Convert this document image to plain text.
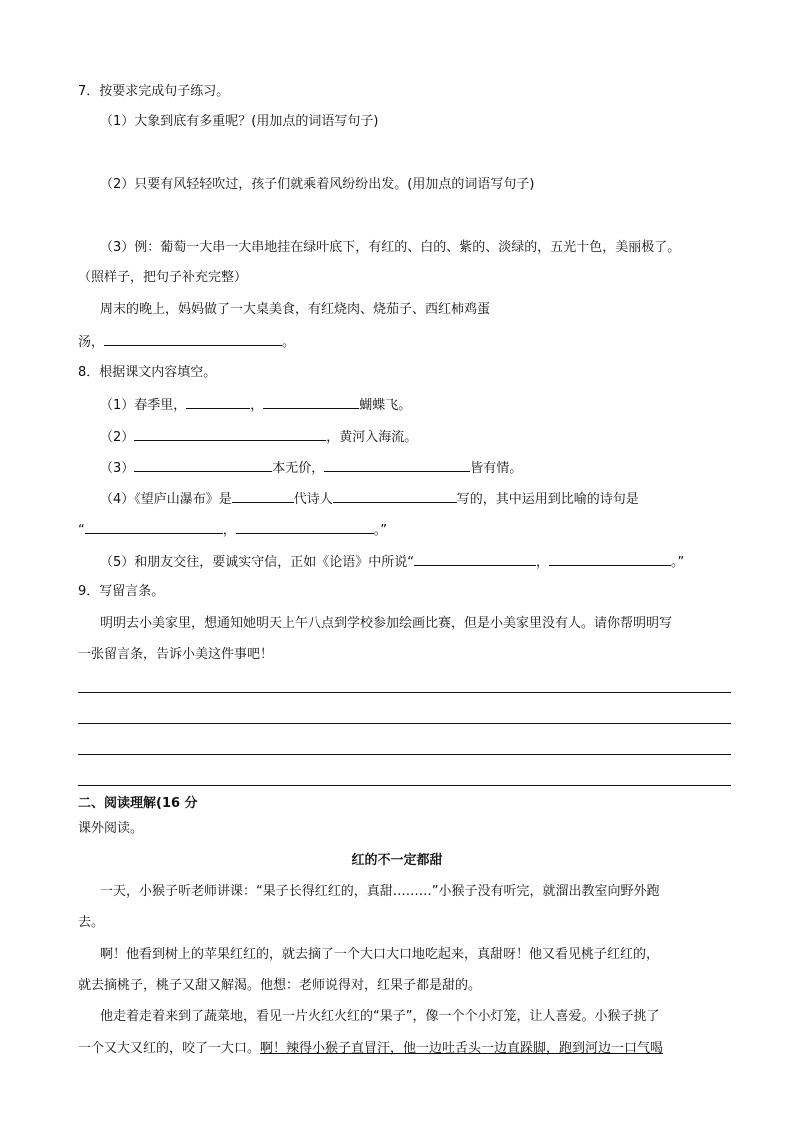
7．按要求完成句子练习。
（1）大象到底有多重呢？(用加点的词语写句子)
（2）只要有风轻轻吹过，孩子们就乘着风纷纷出发。(用加点的词语写句子)
（3）例：葡萄一大串一大串地挂在绿叶底下，有红的、白的、紫的、淡绿的，五光十色，美丽极了。
（照样子，把句子补充完整）
周末的晚上，妈妈做了一大桌美食，有红烧肉、烧茄子、西红柿鸡蛋
汤，	。
8．根据课文内容填空。
（1）春季里，	，	蝴蝶飞。
（2）	，黄河入海流。
（3）	本无价，	皆有情。
（4）《望庐山瀑布》是	代诗人	写的，其中运用到比喻的诗句是
“	，	。”
（5）和朋友交往，要诚实守信，正如《论语》中所说“	，	。”
9．写留言条。
明明去小美家里，想通知她明天上午八点到学校参加绘画比赛，但是小美家里没有人。请你帮明明写
一张留言条，告诉小美这件事吧！
二、阅读理解(16 分
课外阅读。
红的不一定都甜
一天，小猴子听老师讲课：“果子长得红红的，真甜………”小猴子没有听完，就溜出教室向野外跑
去。
啊！他看到树上的苹果红红的，就去摘了一个大口大口地吃起来，真甜呀！他又看见桃子红红的，
就去摘桃子，桃子又甜又解渴。他想：老师说得对，红果子都是甜的。
他走着走着来到了蔬菜地，看见一片火红火红的“果子”，像一个个小灯笼，让人喜爱。小猴子挑了
一个又大又红的，咬了一大口。啊！辣得小猴子直冒汗，他一边吐舌头一边直跺脚，跑到河边一口气喝
